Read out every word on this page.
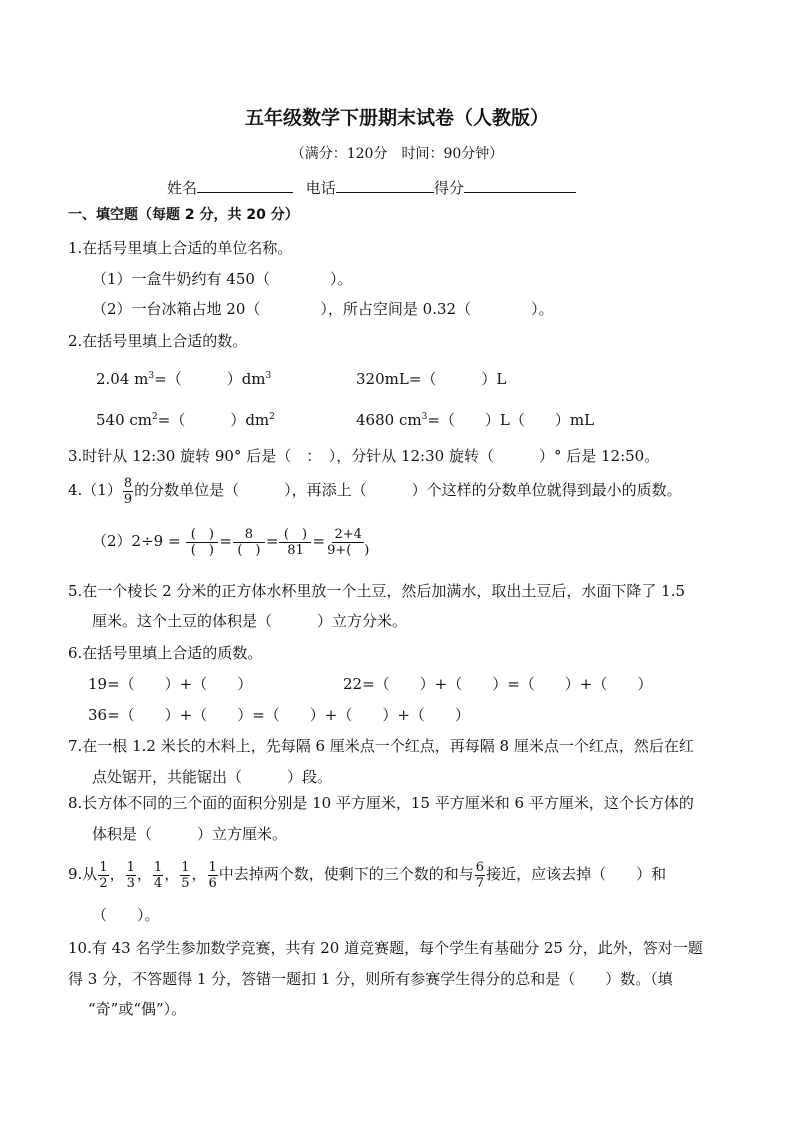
五年级数学下册期末试卷（人教版）
（满分：120分　时间：90分钟）
姓名	电话	得分
一、填空题（每题 2 分，共 20 分）
1.在括号里填上合适的单位名称。
（1）一盒牛奶约有 450（　　　　）。
（2）一台冰箱占地 20（　　　　），所占空间是 0.32（　　　　）。
2.在括号里填上合适的数。
2.04 $m^3=$（　　　）$dm^3$	320mL=（　　　）L
540 $cm^2=$（　　　）$dm^2$	4680 $cm^3=$（　　）L（　　）mL
3.时针从 12:30 旋转 90° 后是（　：　），分针从 12:30 旋转（　　　）° 后是 12:50。
$4.(1) \frac{8}{9}$ 的分数单位是（　　　），再添上（　　　）个这样的分数单位就得到最小的质数。
（2）2÷9 = (　)
(　) = 8
(　) = (　)
$81 = \frac{2+4}{9+( )}$
5.在一个棱长 2 分米的正方体水杯里放一个土豆，然后加满水，取出土豆后，水面下降了 1.5
厘米。这个土豆的体积是（　　　）立方分米。
6.在括号里填上合适的质数。
19=（　　）+（　　）	22=（　　）+（　　）=（　　）+（　　）
36=（　　）+（　　）=（　　）+（　　）+（　　）
7.在一根 1.2 米长的木料上，先每隔 6 厘米点一个红点，再每隔 8 厘米点一个红点，然后在红
点处锯开，共能锯出（　　　）段。
8.长方体不同的三个面的面积分别是 10 平方厘米，15 平方厘米和 6 平方厘米，这个长方体的
体积是（　　　）立方厘米。
9.从 $\frac{1}{2}$ ， $\frac{1}{3}$ ， $\frac{1}{4}$ ， $\frac{1}{5}$ ， $\frac{1}{6}$ 中去掉两个数，使剩下的三个数的和与 $\frac{6}{7}$ 接近，应该去掉（　　）和
（　　）。
10.有 43 名学生参加数学竞赛，共有 20 道竞赛题，每个学生有基础分 25 分，此外，答对一题
得 3 分，不答题得 1 分，答错一题扣 1 分，则所有参赛学生得分的总和是（　　）数。（填
“奇”或“偶”）。
